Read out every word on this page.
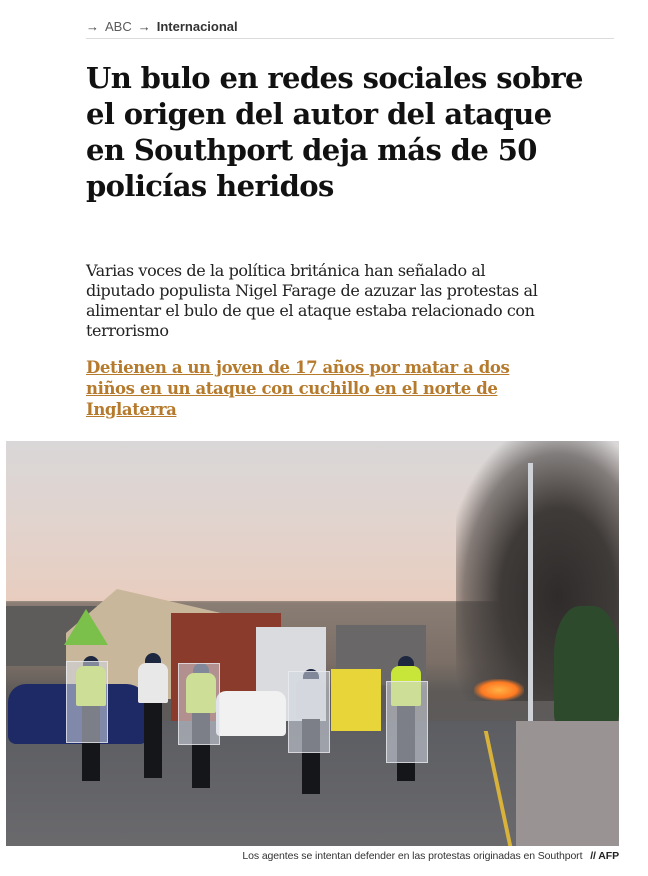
→ ABC → Internacional
Un bulo en redes sociales sobre el origen del autor del ataque en Southport deja más de 50 policías heridos

Varias voces de la política británica han señalado al diputado populista Nigel Farage de azuzar las protestas al alimentar el bulo de que el ataque estaba relacionado con terrorismo

Detienen a un joven de 17 años por matar a dos niños en un ataque con cuchillo en el norte de Inglaterra
Los agentes se intentan defender en las protestas originadas en Southport // AFP
